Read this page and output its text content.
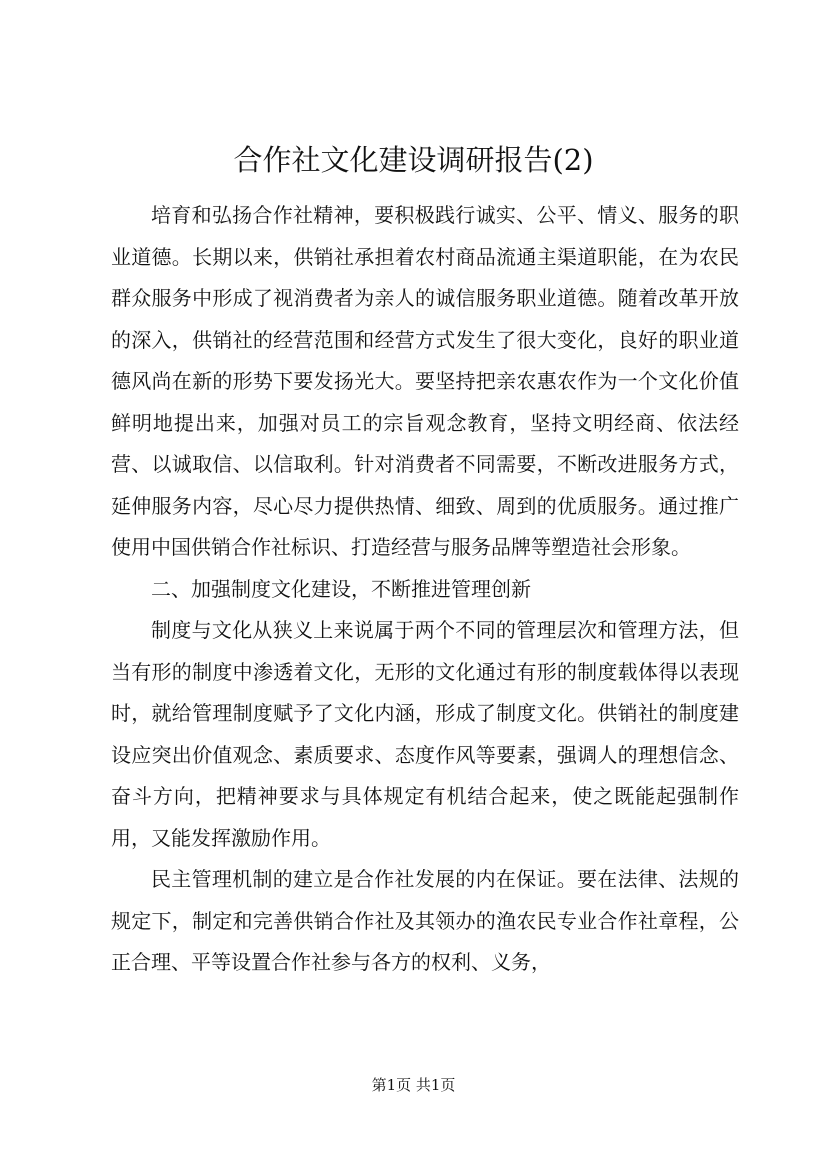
合作社文化建设调研报告(2)

培育和弘扬合作社精神，要积极践行诚实、公平、情义、服务的职业道德。长期以来，供销社承担着农村商品流通主渠道职能，在为农民群众服务中形成了视消费者为亲人的诚信服务职业道德。随着改革开放的深入，供销社的经营范围和经营方式发生了很大变化，良好的职业道德风尚在新的形势下要发扬光大。要坚持把亲农惠农作为一个文化价值鲜明地提出来，加强对员工的宗旨观念教育，坚持文明经商、依法经营、以诚取信、以信取利。针对消费者不同需要，不断改进服务方式，延伸服务内容，尽心尽力提供热情、细致、周到的优质服务。通过推广使用中国供销合作社标识、打造经营与服务品牌等塑造社会形象。

二、加强制度文化建设，不断推进管理创新

制度与文化从狭义上来说属于两个不同的管理层次和管理方法，但当有形的制度中渗透着文化，无形的文化通过有形的制度载体得以表现时，就给管理制度赋予了文化内涵，形成了制度文化。供销社的制度建设应突出价值观念、素质要求、态度作风等要素，强调人的理想信念、奋斗方向，把精神要求与具体规定有机结合起来，使之既能起强制作用，又能发挥激励作用。

民主管理机制的建立是合作社发展的内在保证。要在法律、法规的规定下，制定和完善供销合作社及其领办的渔农民专业合作社章程，公正合理、平等设置合作社参与各方的权利、义务，

第1页 共1页
